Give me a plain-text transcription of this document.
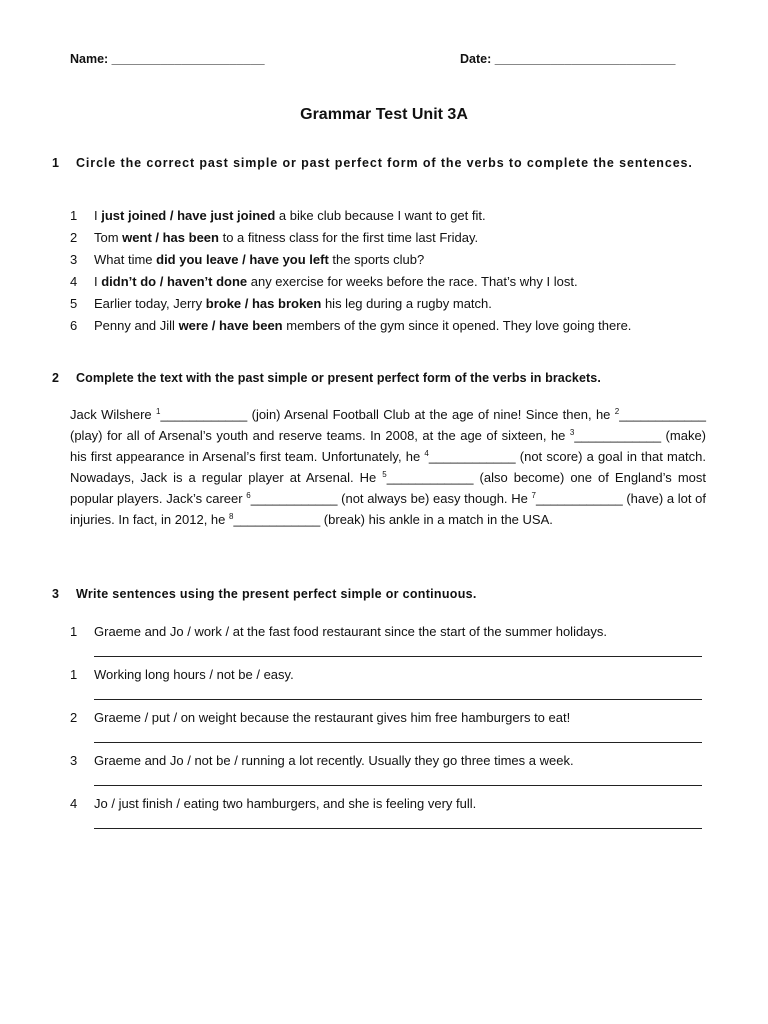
Name: ______________________	Date: __________________________
Grammar Test Unit 3A
1	Circle the correct past simple or past perfect form of the verbs to complete the sentences.
1 I just joined / have just joined a bike club because I want to get fit.
2 Tom went / has been to a fitness class for the first time last Friday.
3 What time did you leave / have you left the sports club?
4 I didn’t do / haven’t done any exercise for weeks before the race. That’s why I lost.
5 Earlier today, Jerry broke / has broken his leg during a rugby match.
6 Penny and Jill were / have been members of the gym since it opened. They love going there.
2	Complete the text with the past simple or present perfect form of the verbs in brackets.
Jack Wilshere $^1$____________ (join) Arsenal Football Club at the age of nine! Since then, he $^2$____________ (play) for all of Arsenal’s youth and reserve teams. In 2008, at the age of sixteen, he $^3$____________ (make) his first appearance in Arsenal’s first team. Unfortunately, he $^4$____________ (not score) a goal in that match. Nowadays, Jack is a regular player at Arsenal. He $^5$____________ (also become) one of England’s most popular players. Jack’s career $^6$____________ (not always be) easy though. He $^7$____________ (have) a lot of injuries. In fact, in 2012, he $^8$____________ (break) his ankle in a match in the USA.
3	Write sentences using the present perfect simple or continuous.
1 Graeme and Jo / work / at the fast food restaurant since the start of the summer holidays.
1 Working long hours / not be / easy.
2 Graeme / put / on weight because the restaurant gives him free hamburgers to eat!
3 Graeme and Jo / not be / running a lot recently. Usually they go three times a week.
4 Jo / just finish / eating two hamburgers, and she is feeling very full.
